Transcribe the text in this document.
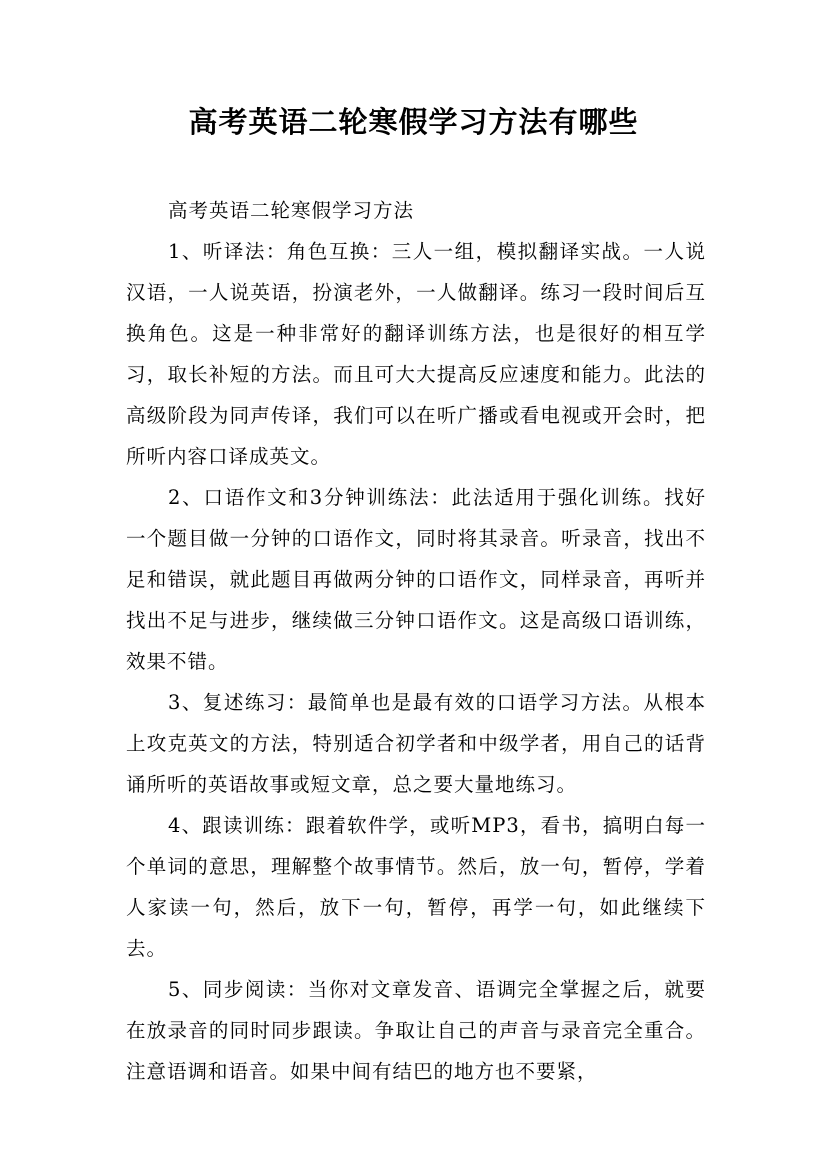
高考英语二轮寒假学习方法有哪些

高考英语二轮寒假学习方法

1、听译法：角色互换：三人一组，模拟翻译实战。一人说汉语，一人说英语，扮演老外，一人做翻译。练习一段时间后互换角色。这是一种非常好的翻译训练方法，也是很好的相互学习，取长补短的方法。而且可大大提高反应速度和能力。此法的高级阶段为同声传译，我们可以在听广播或看电视或开会时，把所听内容口译成英文。

2、口语作文和3分钟训练法：此法适用于强化训练。找好一个题目做一分钟的口语作文，同时将其录音。听录音，找出不足和错误，就此题目再做两分钟的口语作文，同样录音，再听并找出不足与进步，继续做三分钟口语作文。这是高级口语训练，效果不错。

3、复述练习：最简单也是最有效的口语学习方法。从根本上攻克英文的方法，特别适合初学者和中级学者，用自己的话背诵所听的英语故事或短文章，总之要大量地练习。

4、跟读训练：跟着软件学，或听MP3，看书，搞明白每一个单词的意思，理解整个故事情节。然后，放一句，暂停，学着人家读一句，然后，放下一句，暂停，再学一句，如此继续下去。

5、同步阅读：当你对文章发音、语调完全掌握之后，就要在放录音的同时同步跟读。争取让自己的声音与录音完全重合。注意语调和语音。如果中间有结巴的地方也不要紧，
